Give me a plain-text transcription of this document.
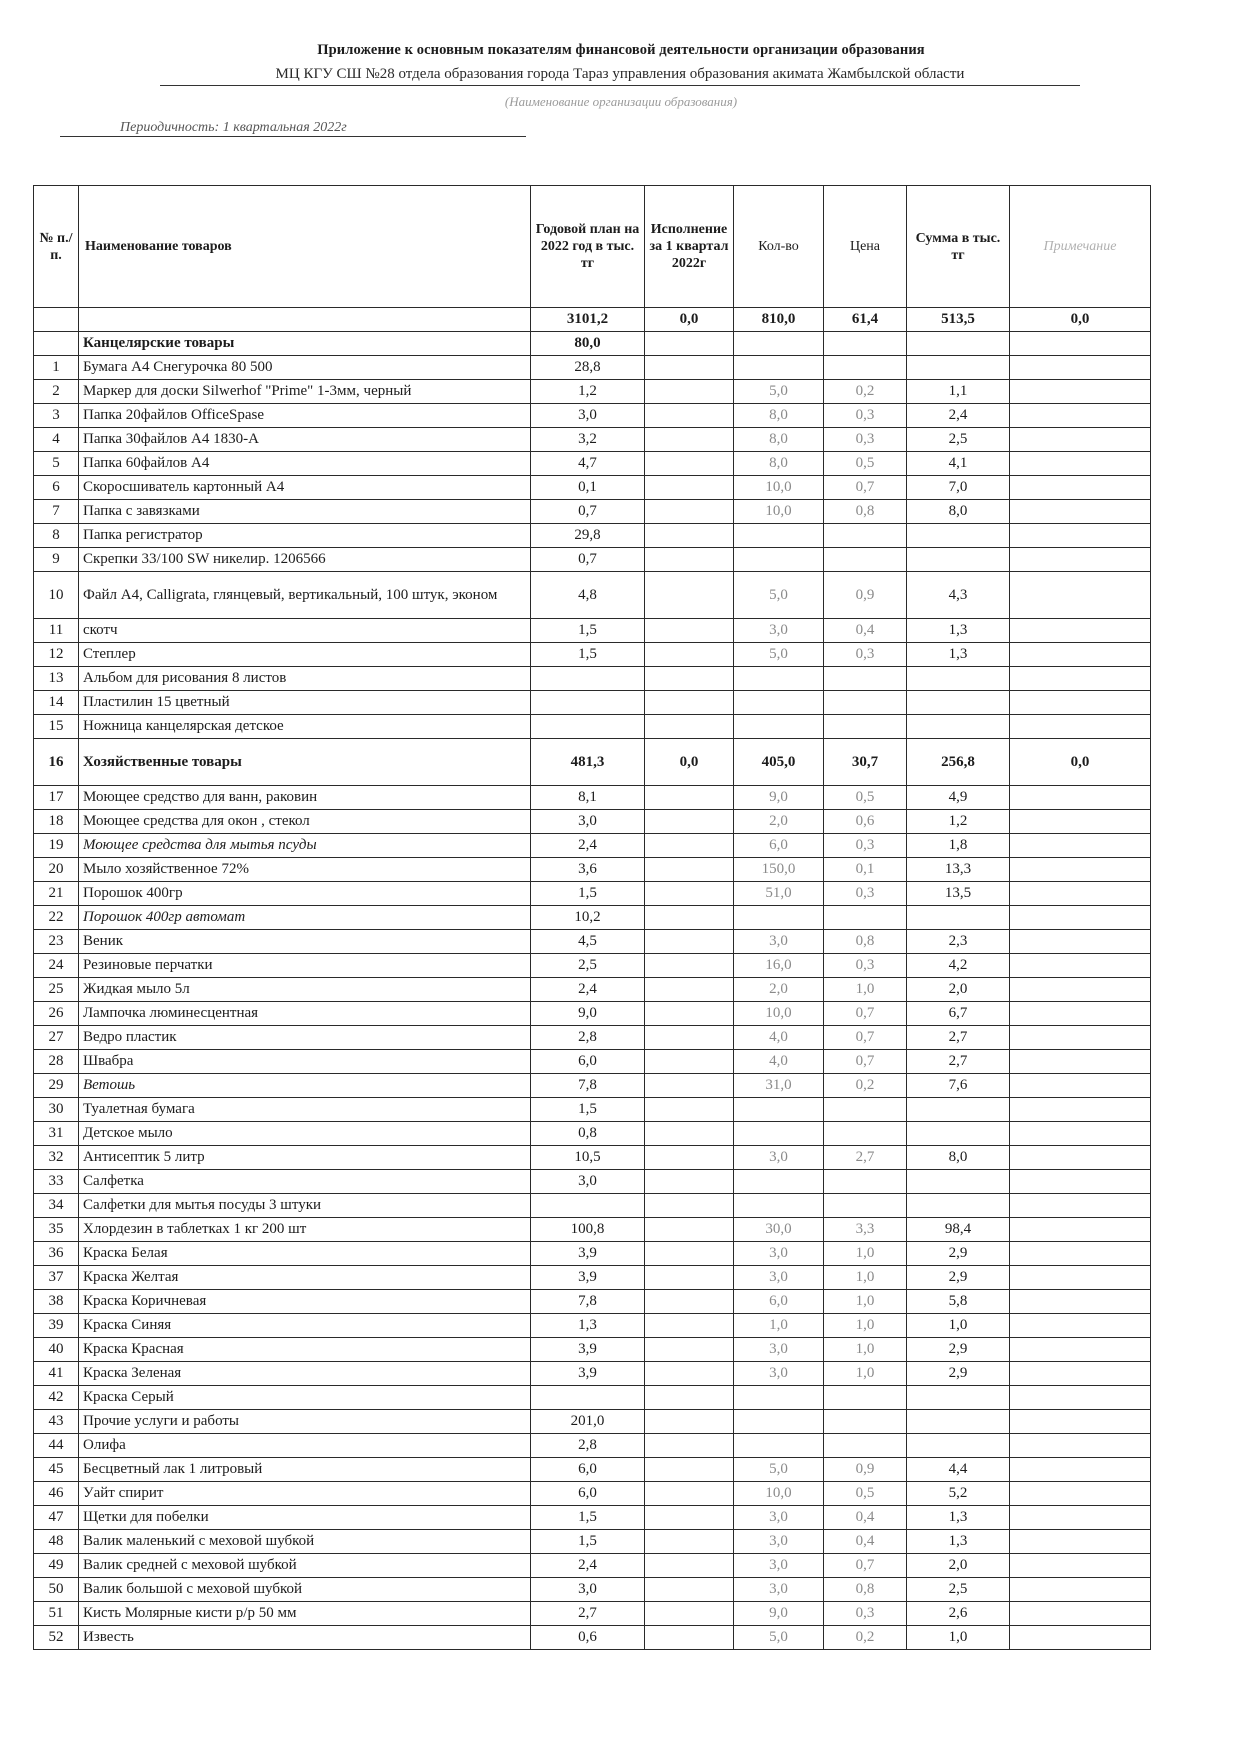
Приложение к основным показателям финансовой деятельности организации образования
МЦ КГУ СШ №28 отдела образования города Тараз управления образования акимата Жамбылской области
(Наименование организации образования)
Периодичность: 1 квартальная 2022г
№ п./п.	Наименование товаров	Годовой план на 2022 год в тыс. тг	Исполнение за 1 квартал 2022г	Кол-во	Цена	Сумма в тыс. тг	Примечание
		3101,2	0,0	810,0	61,4	513,5	0,0
	Канцелярские товары	80,0					
1	Бумага А4 Снегурочка 80 500	28,8					
2	Маркер для доски Silwerhof "Prime" 1-3мм, черный	1,2		5,0	0,2	1,1	
3	Папка 20файлов OfficeSpase	3,0		8,0	0,3	2,4	
4	Папка 30файлов А4 1830-А	3,2		8,0	0,3	2,5	
5	Папка 60файлов А4	4,7		8,0	0,5	4,1	
6	Скоросшиватель картонный А4	0,1		10,0	0,7	7,0	
7	Папка с завязками	0,7		10,0	0,8	8,0	
8	Папка регистратор	29,8					
9	Скрепки 33/100 SW никелир. 1206566	0,7					
10	Файл А4, Calligrata, глянцевый, вертикальный, 100 штук, эконом	4,8		5,0	0,9	4,3	
11	скотч	1,5		3,0	0,4	1,3	
12	Степлер	1,5		5,0	0,3	1,3	
13	Альбом для рисования 8 листов						
14	Пластилин 15 цветный						
15	Ножница канцелярская детское						
16	Хозяйственные товары	481,3	0,0	405,0	30,7	256,8	0,0
17	Моющее средство для ванн, раковин	8,1		9,0	0,5	4,9	
18	Моющее средства для окон , стекол	3,0		2,0	0,6	1,2	
19	Моющее средства для мытья псуды	2,4		6,0	0,3	1,8	
20	Мыло хозяйственное 72%	3,6		150,0	0,1	13,3	
21	Порошок 400гр	1,5		51,0	0,3	13,5	
22	Порошок 400гр автомат	10,2					
23	Веник	4,5		3,0	0,8	2,3	
24	Резиновые перчатки	2,5		16,0	0,3	4,2	
25	Жидкая мыло 5л	2,4		2,0	1,0	2,0	
26	Лампочка люминесцентная	9,0		10,0	0,7	6,7	
27	Ведро пластик	2,8		4,0	0,7	2,7	
28	Швабра	6,0		4,0	0,7	2,7	
29	Ветошь	7,8		31,0	0,2	7,6	
30	Туалетная бумага	1,5					
31	Детское мыло	0,8					
32	Антисептик 5 литр	10,5		3,0	2,7	8,0	
33	Салфетка	3,0					
34	Салфетки для мытья посуды 3 штуки						
35	Хлордезин в таблетках 1 кг 200 шт	100,8		30,0	3,3	98,4	
36	Краска Белая	3,9		3,0	1,0	2,9	
37	Краска Желтая	3,9		3,0	1,0	2,9	
38	Краска Коричневая	7,8		6,0	1,0	5,8	
39	Краска Синяя	1,3		1,0	1,0	1,0	
40	Краска Красная	3,9		3,0	1,0	2,9	
41	Краска Зеленая	3,9		3,0	1,0	2,9	
42	Краска Серый						
43	Прочие услуги и работы	201,0					
44	Олифа	2,8					
45	Бесцветный лак 1 литровый	6,0		5,0	0,9	4,4	
46	Уайт спирит	6,0		10,0	0,5	5,2	
47	Щетки для побелки	1,5		3,0	0,4	1,3	
48	Валик маленький с меховой шубкой	1,5		3,0	0,4	1,3	
49	Валик средней с меховой шубкой	2,4		3,0	0,7	2,0	
50	Валик большой с меховой шубкой	3,0		3,0	0,8	2,5	
51	Кисть Молярные кисти р/р 50 мм	2,7		9,0	0,3	2,6	
52	Известь	0,6		5,0	0,2	1,0	
